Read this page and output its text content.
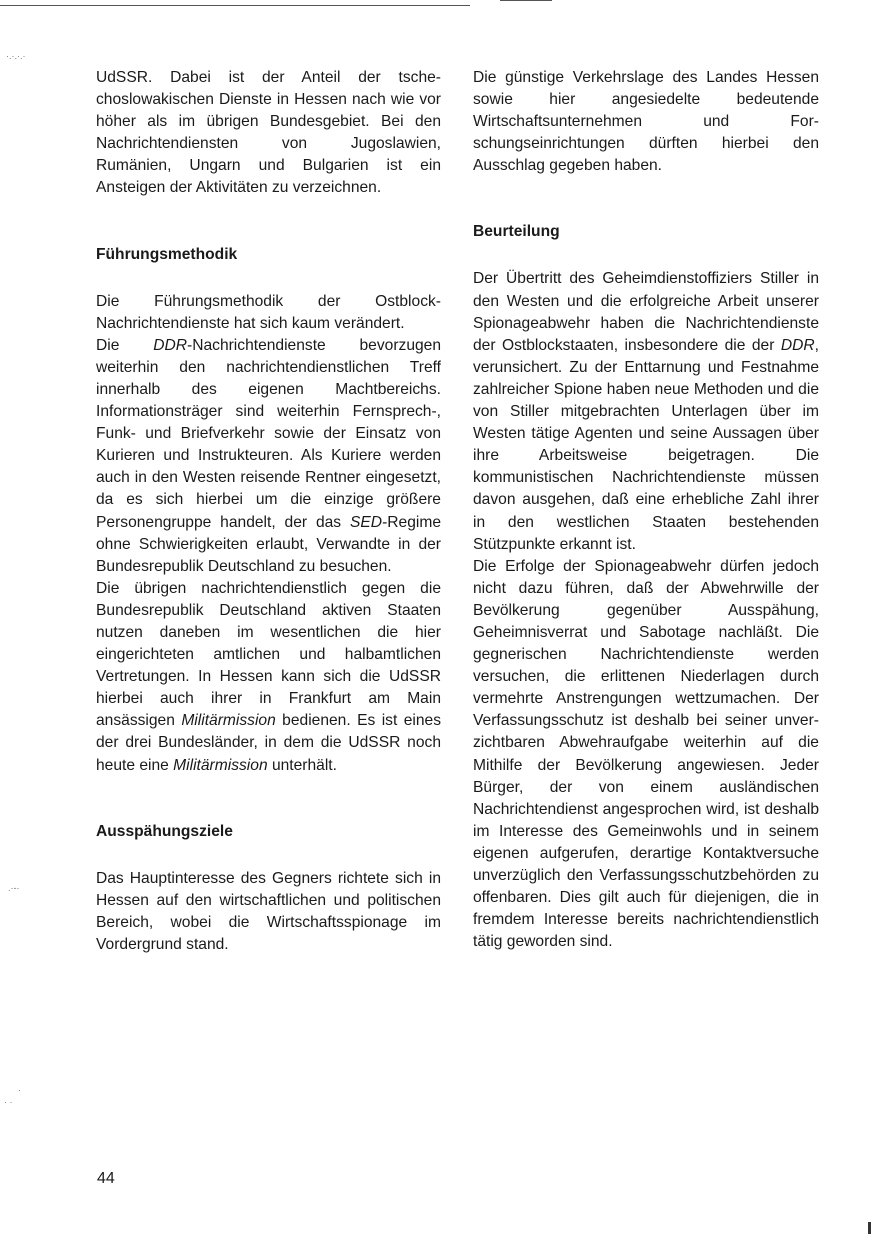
·.·.·.·
.·-·
·
· ·

UdSSR. Dabei ist der Anteil der tschechoslowakischen Dienste in Hessen nach wie vor höher als im übrigen Bundesgebiet. Bei den Nachrichtendiensten von Jugoslawien, Rumänien, Ungarn und Bulgarien ist ein Ansteigen der Aktivitäten zu verzeichnen.

Führungsmethodik

Die Führungsmethodik der Ostblock-Nachrichtendienste hat sich kaum verändert.

Die DDR-Nachrichtendienste bevorzugen weiterhin den nachrichtendienstlichen Treff innerhalb des eigenen Machtbereichs. Informationsträger sind weiterhin Fernsprech-, Funk- und Briefverkehr sowie der Einsatz von Kurieren und Instrukteuren. Als Kuriere werden auch in den Westen reisende Rentner eingesetzt, da es sich hierbei um die einzige größere Personengruppe handelt, der das SED-Regime ohne Schwierigkeiten erlaubt, Verwandte in der Bundesrepublik Deutschland zu besuchen.

Die übrigen nachrichtendienstlich gegen die Bundesrepublik Deutschland aktiven Staaten nutzen daneben im wesentlichen die hier eingerichteten amtlichen und halbamtlichen Vertretungen. In Hessen kann sich die UdSSR hierbei auch ihrer in Frankfurt am Main ansässigen Militärmission bedienen. Es ist eines der drei Bundesländer, in dem die UdSSR noch heute eine Militärmission unterhält.

Ausspähungsziele

Das Hauptinteresse des Gegners richtete sich in Hessen auf den wirtschaftlichen und politischen Bereich, wobei die Wirtschaftsspionage im Vordergrund stand.

Die günstige Verkehrslage des Landes Hessen sowie hier angesiedelte bedeutende Wirtschaftsunternehmen und Forschungseinrichtungen dürften hierbei den Ausschlag gegeben haben.

Beurteilung

Der Übertritt des Geheimdienstoffiziers Stiller in den Westen und die erfolgreiche Arbeit unserer Spionageabwehr haben die Nachrichtendienste der Ostblockstaaten, insbesondere die der DDR, verunsichert. Zu der Enttarnung und Festnahme zahlreicher Spione haben neue Methoden und die von Stiller mitgebrachten Unterlagen über im Westen tätige Agenten und seine Aussagen über ihre Arbeitsweise beigetragen. Die kommunistischen Nachrichtendienste müssen davon ausgehen, daß eine erhebliche Zahl ihrer in den westlichen Staaten bestehenden Stützpunkte erkannt ist.

Die Erfolge der Spionageabwehr dürfen jedoch nicht dazu führen, daß der Abwehrwille der Bevölkerung gegenüber Ausspähung, Geheimnisverrat und Sabotage nachläßt. Die gegnerischen Nachrichtendienste werden versuchen, die erlittenen Niederlagen durch vermehrte Anstrengungen wettzumachen. Der Verfassungsschutz ist deshalb bei seiner unverzichtbaren Abwehraufgabe weiterhin auf die Mithilfe der Bevölkerung angewiesen. Jeder Bürger, der von einem ausländischen Nachrichtendienst angesprochen wird, ist deshalb im Interesse des Gemeinwohls und in seinem eigenen aufgerufen, derartige Kontaktversuche unverzüglich den Verfassungsschutzbehörden zu offenbaren. Dies gilt auch für diejenigen, die in fremdem Interesse bereits nachrichtendienstlich tätig geworden sind.

44
